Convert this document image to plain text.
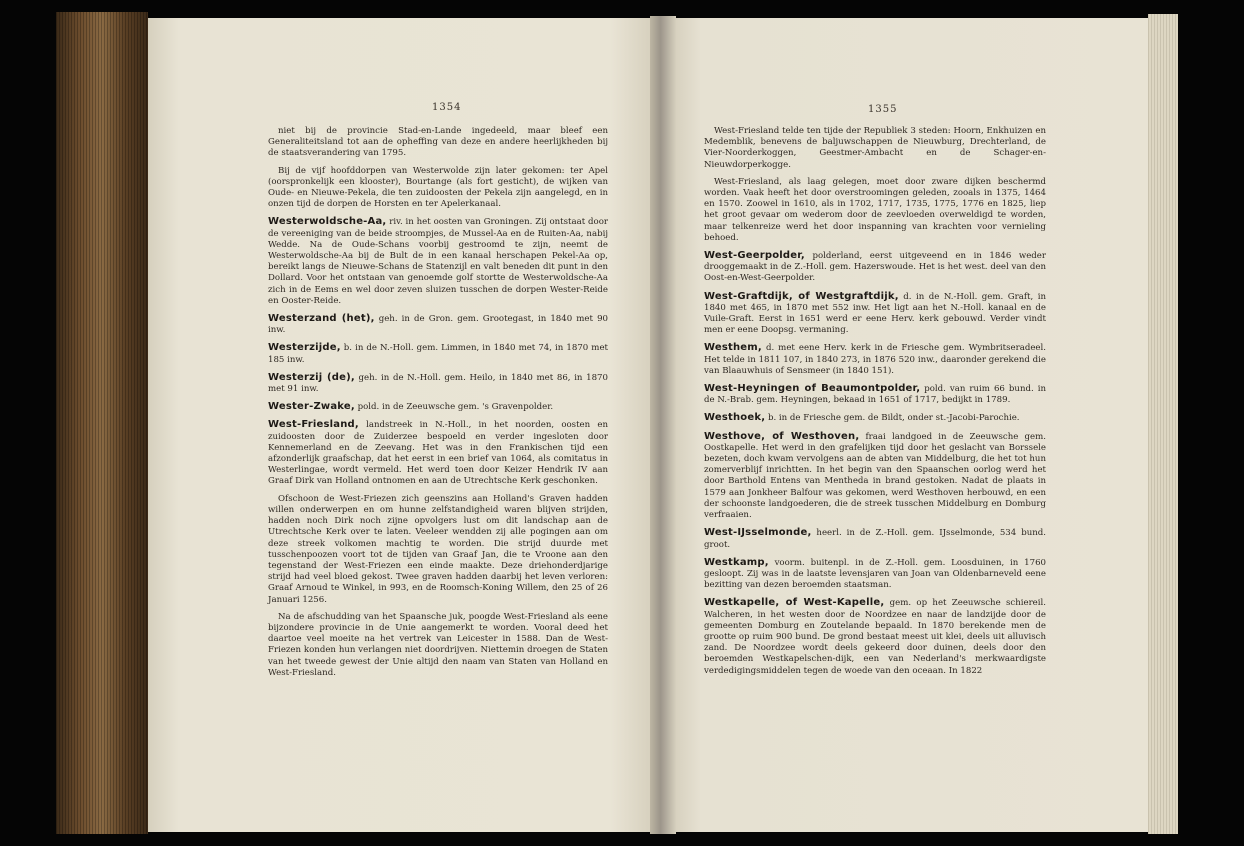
1354

niet bij de provincie Stad-en-Lande ingedeeld, maar bleef een Generaliteitsland tot aan de opheffing van deze en andere heerlijkheden bij de staatsverandering van 1795.

Bij de vijf hoofddorpen van Westerwolde zijn later gekomen: ter Apel (oorspronkelijk een klooster), Bourtange (als fort gesticht), de wijken van Oude- en Nieuwe-Pekela, die ten zuidoosten der Pekela zijn aangelegd, en in onzen tijd de dorpen de Horsten en ter Apelerkanaal.

Westerwoldsche-Aa, riv. in het oosten van Groningen. Zij ontstaat door de vereeniging van de beide stroompjes, de Mussel-Aa en de Ruiten-Aa, nabij Wedde. Na de Oude-Schans voorbij gestroomd te zijn, neemt de Westerwoldsche-Aa bij de Bult de in een kanaal herschapen Pekel-Aa op, bereikt langs de Nieuwe-Schans de Statenzijl en valt beneden dit punt in den Dollard. Voor het ontstaan van genoemde golf stortte de Westerwoldsche-Aa zich in de Eems en wel door zeven sluizen tusschen de dorpen Wester-Reide en Ooster-Reide.

Westerzand (het), geh. in de Gron. gem. Grootegast, in 1840 met 90 inw.

Westerzijde, b. in de N.-Holl. gem. Limmen, in 1840 met 74, in 1870 met 185 inw.

Westerzij (de), geh. in de N.-Holl. gem. Heilo, in 1840 met 86, in 1870 met 91 inw.

Wester-Zwake, pold. in de Zeeuwsche gem. 's Gravenpolder.

West-Friesland, landstreek in N.-Holl., in het noorden, oosten en zuidoosten door de Zuiderzee bespoeld en verder ingesloten door Kennemerland en de Zeevang. Het was in den Frankischen tijd een afzonderlijk graafschap, dat het eerst in een brief van 1064, als comitatus in Westerlingae, wordt vermeld. Het werd toen door Keizer Hendrik IV aan Graaf Dirk van Holland ontnomen en aan de Utrechtsche Kerk geschonken.

Ofschoon de West-Friezen zich geenszins aan Holland's Graven hadden willen onderwerpen en om hunne zelfstandigheid waren blijven strijden, hadden noch Dirk noch zijne opvolgers lust om dit landschap aan de Utrechtsche Kerk over te laten. Veeleer wendden zij alle pogingen aan om deze streek volkomen machtig te worden. Die strijd duurde met tusschenpoozen voort tot de tijden van Graaf Jan, die te Vroone aan den tegenstand der West-Friezen een einde maakte. Deze driehonderdjarige strijd had veel bloed gekost. Twee graven hadden daarbij het leven verloren: Graaf Arnoud te Winkel, in 993, en de Roomsch-Koning Willem, den 25 of 26 Januari 1256.

Na de afschudding van het Spaansche juk, poogde West-Friesland als eene bijzondere provincie in de Unie aangemerkt te worden. Vooral deed het daartoe veel moeite na het vertrek van Leicester in 1588. Dan de West-Friezen konden hun verlangen niet doordrijven. Niettemin droegen de Staten van het tweede gewest der Unie altijd den naam van Staten van Holland en West-Friesland.

1355

West-Friesland telde ten tijde der Republiek 3 steden: Hoorn, Enkhuizen en Medemblik, benevens de baljuwschappen de Nieuwburg, Drechterland, de Vier-Noorderkoggen, Geestmer-Ambacht en de Schager-en-Nieuwdorperkogge.

West-Friesland, als laag gelegen, moet door zware dijken beschermd worden. Vaak heeft het door overstroomingen geleden, zooals in 1375, 1464 en 1570. Zoowel in 1610, als in 1702, 1717, 1735, 1775, 1776 en 1825, liep het groot gevaar om wederom door de zeevloeden overweldigd te worden, maar telkenreize werd het door inspanning van krachten voor vernieling behoed.

West-Geerpolder, polderland, eerst uitgeveend en in 1846 weder drooggemaakt in de Z.-Holl. gem. Hazerswoude. Het is het west. deel van den Oost-en-West-Geerpolder.

West-Graftdijk, of Westgraftdijk, d. in de N.-Holl. gem. Graft, in 1840 met 465, in 1870 met 552 inw. Het ligt aan het N.-Holl. kanaal en de Vuile-Graft. Eerst in 1651 werd er eene Herv. kerk gebouwd. Verder vindt men er eene Doopsg. vermaning.

Westhem, d. met eene Herv. kerk in de Friesche gem. Wymbritseradeel. Het telde in 1811 107, in 1840 273, in 1876 520 inw., daaronder gerekend die van Blaauwhuis of Sensmeer (in 1840 151).

West-Heyningen of Beaumontpolder, pold. van ruim 66 bund. in de N.-Brab. gem. Heyningen, bekaad in 1651 of 1717, bedijkt in 1789.

Westhoek, b. in de Friesche gem. de Bildt, onder st.-Jacobi-Parochie.

Westhove, of Westhoven, fraai landgoed in de Zeeuwsche gem. Oostkapelle. Het werd in den grafelijken tijd door het geslacht van Borssele bezeten, doch kwam vervolgens aan de abten van Middelburg, die het tot hun zomerverblijf inrichtten. In het begin van den Spaanschen oorlog werd het door Barthold Entens van Mentheda in brand gestoken. Nadat de plaats in 1579 aan Jonkheer Balfour was gekomen, werd Westhoven herbouwd, en een der schoonste landgoederen, die de streek tusschen Middelburg en Domburg verfraaien.

West-IJsselmonde, heerl. in de Z.-Holl. gem. IJsselmonde, 534 bund. groot.

Westkamp, voorm. buitenpl. in de Z.-Holl. gem. Loosduinen, in 1760 gesloopt. Zij was in de laatste levensjaren van Joan van Oldenbarneveld eene bezitting van dezen beroemden staatsman.

Westkapelle, of West-Kapelle, gem. op het Zeeuwsche schiereil. Walcheren, in het westen door de Noordzee en naar de landzijde door de gemeenten Domburg en Zoutelande bepaald. In 1870 berekende men de grootte op ruim 900 bund. De grond bestaat meest uit klei, deels uit alluvisch zand. De Noordzee wordt deels gekeerd door duinen, deels door den beroemden Westkapelschen-dijk, een van Nederland's merkwaardigste verdedigingsmiddelen tegen de woede van den oceaan. In 1822
